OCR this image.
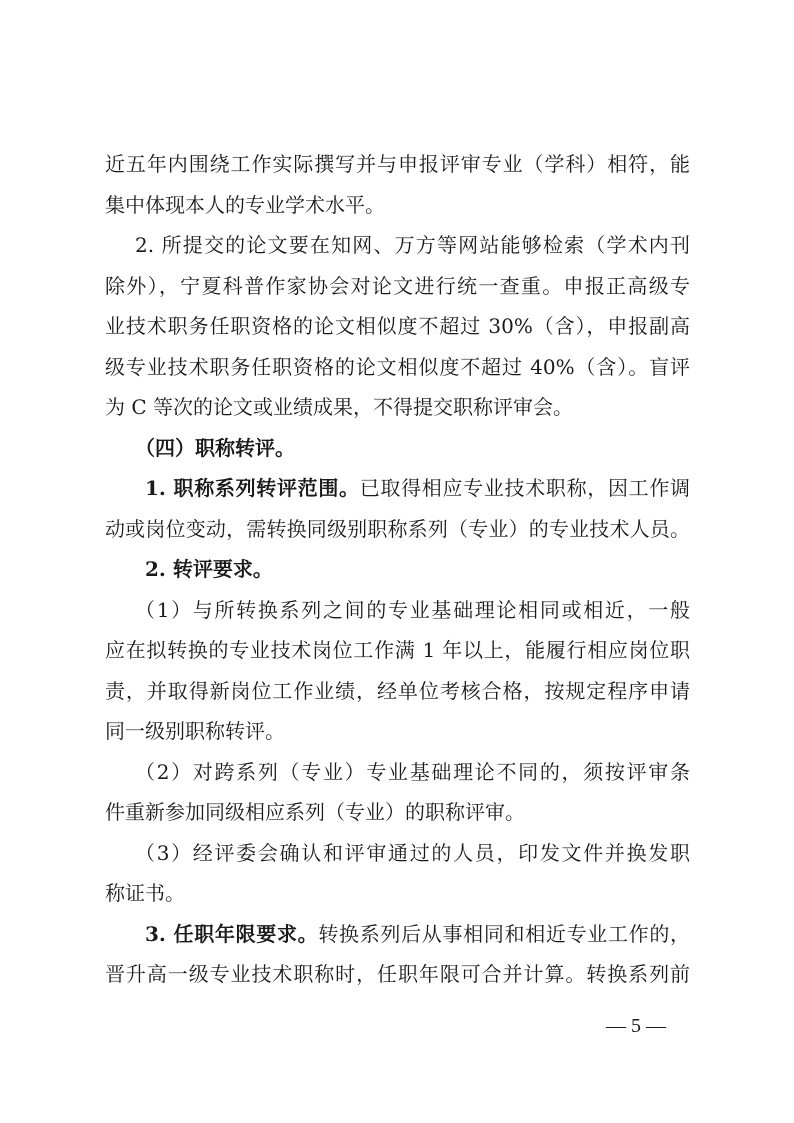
近五年内围绕工作实际撰写并与申报评审专业（学科）相符，能
集中体现本人的专业学术水平。
2. 所提交的论文要在知网、万方等网站能够检索（学术内刊
除外），宁夏科普作家协会对论文进行统一查重。申报正高级专
业技术职务任职资格的论文相似度不超过 30%（含），申报副高
级专业技术职务任职资格的论文相似度不超过 40%（含）。盲评
为 C 等次的论文或业绩成果，不得提交职称评审会。
（四）职称转评。
1. 职称系列转评范围。已取得相应专业技术职称，因工作调
动或岗位变动，需转换同级别职称系列（专业）的专业技术人员。
2. 转评要求。
（1）与所转换系列之间的专业基础理论相同或相近，一般
应在拟转换的专业技术岗位工作满 1 年以上，能履行相应岗位职
责，并取得新岗位工作业绩，经单位考核合格，按规定程序申请
同一级别职称转评。
（2）对跨系列（专业）专业基础理论不同的，须按评审条
件重新参加同级相应系列（专业）的职称评审。
（3）经评委会确认和评审通过的人员，印发文件并换发职
称证书。
3. 任职年限要求。转换系列后从事相同和相近专业工作的，
晋升高一级专业技术职称时，任职年限可合并计算。转换系列前
— 5 —
